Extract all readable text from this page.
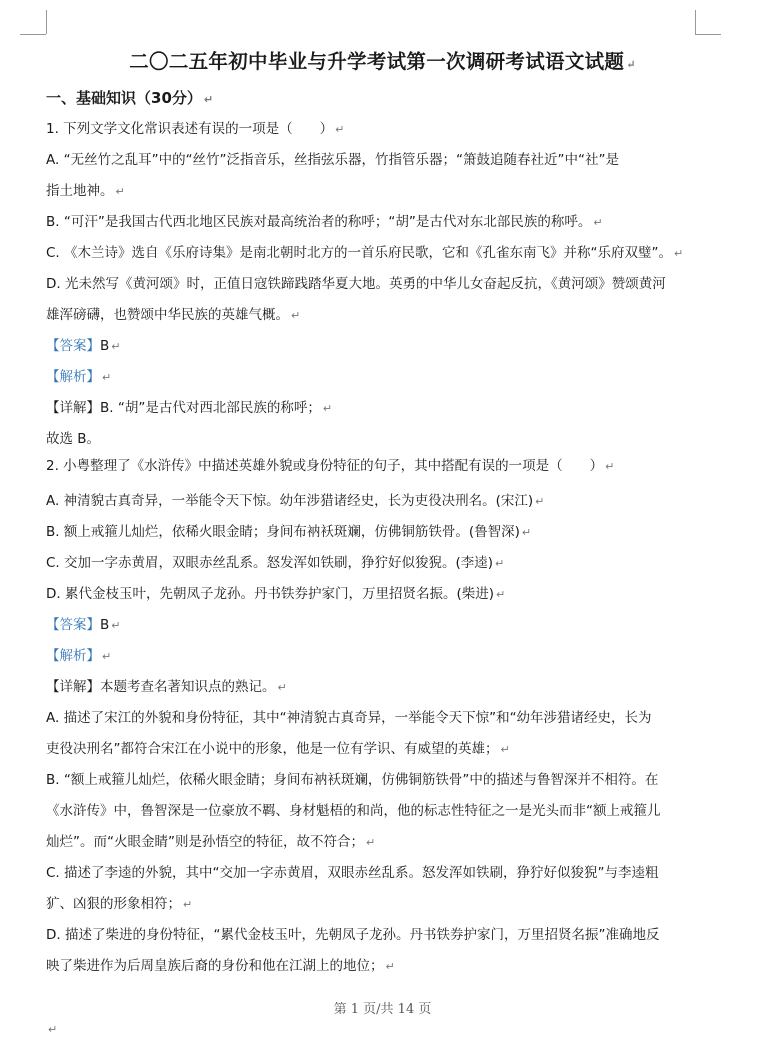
二〇二五年初中毕业与升学考试第一次调研考试语文试题 ↵
一、基础知识（30分） ↵
1. 下列文学文化常识表述有误的一项是（　　） ↵
A. “无丝竹之乱耳”中的“丝竹”泛指音乐，丝指弦乐器，竹指管乐器；“箫鼓追随春社近”中“社”是
指土地神。 ↵
B. “可汗”是我国古代西北地区民族对最高统治者的称呼；“胡”是古代对东北部民族的称呼。 ↵
C. 《木兰诗》选自《乐府诗集》是南北朝时北方的一首乐府民歌，它和《孔雀东南飞》并称“乐府双璧”。 ↵
D. 光未然写《黄河颂》时，正值日寇铁蹄践踏华夏大地。英勇的中华儿女奋起反抗，《黄河颂》赞颂黄河
雄浑磅礴，也赞颂中华民族的英雄气概。 ↵
【答案】B ↵
【解析】 ↵
【详解】B. “胡”是古代对西北部民族的称呼； ↵
故选 B。
2. 小粤整理了《水浒传》中描述英雄外貌或身份特征的句子，其中搭配有误的一项是（　　） ↵
A. 神清貌古真奇异，一举能令天下惊。幼年涉猎诸经史，长为吏役决刑名。(宋江) ↵
B. 额上戒箍儿灿烂，依稀火眼金睛；身间布衲袄斑斓，仿佛铜筋铁骨。(鲁智深) ↵
C. 交加一字赤黄眉，双眼赤丝乱系。怒发浑如铁刷，狰狞好似狻猊。(李逵) ↵
D. 累代金枝玉叶，先朝凤子龙孙。丹书铁券护家门，万里招贤名振。(柴进) ↵
【答案】B ↵
【解析】 ↵
【详解】本题考查名著知识点的熟记。 ↵
A. 描述了宋江的外貌和身份特征，其中“神清貌古真奇异，一举能令天下惊”和“幼年涉猎诸经史，长为
吏役决刑名”都符合宋江在小说中的形象，他是一位有学识、有威望的英雄； ↵
B. “额上戒箍儿灿烂，依稀火眼金睛；身间布衲袄斑斓，仿佛铜筋铁骨”中的描述与鲁智深并不相符。在
《水浒传》中，鲁智深是一位豪放不羁、身材魁梧的和尚，他的标志性特征之一是光头而非“额上戒箍儿
灿烂”。而“火眼金睛”则是孙悟空的特征，故不符合； ↵
C. 描述了李逵的外貌，其中“交加一字赤黄眉，双眼赤丝乱系。怒发浑如铁刷，狰狞好似狻猊”与李逵粗
犷、凶狠的形象相符； ↵
D. 描述了柴进的身份特征，“累代金枝玉叶，先朝凤子龙孙。丹书铁券护家门，万里招贤名振”准确地反
映了柴进作为后周皇族后裔的身份和他在江湖上的地位； ↵
第 1 页/共 14 页
↵
